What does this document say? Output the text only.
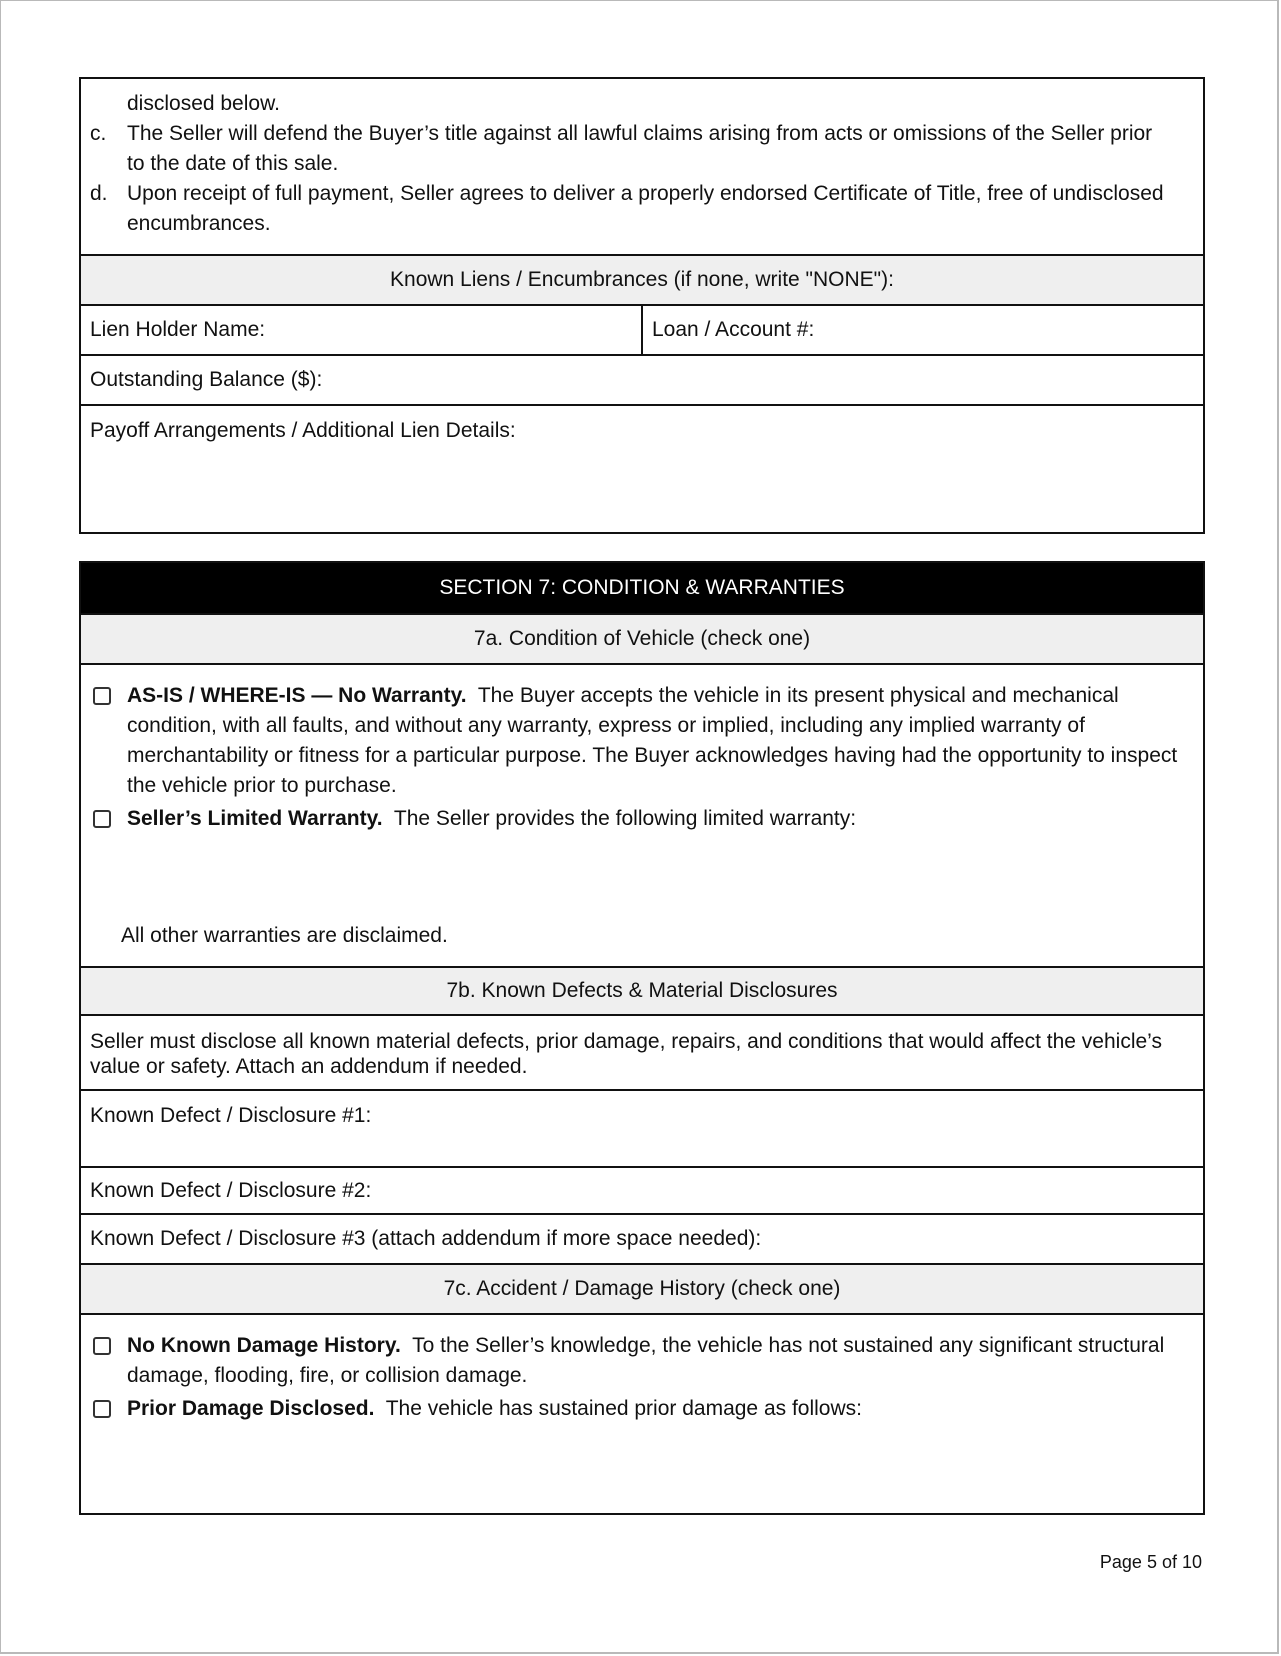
disclosed below.
c. The Seller will defend the Buyer’s title against all lawful claims arising from acts or omissions of the Seller prior to the date of this sale.
d. Upon receipt of full payment, Seller agrees to deliver a properly endorsed Certificate of Title, free of undisclosed encumbrances.
Known Liens / Encumbrances (if none, write "NONE"):
Lien Holder Name:	Loan / Account #:
Outstanding Balance ($):
Payoff Arrangements / Additional Lien Details:
SECTION 7: CONDITION & WARRANTIES
7a. Condition of Vehicle (check one)
AS-IS / WHERE-IS — No Warranty. The Buyer accepts the vehicle in its present physical and mechanical condition, with all faults, and without any warranty, express or implied, including any implied warranty of merchantability or fitness for a particular purpose. The Buyer acknowledges having had the opportunity to inspect the vehicle prior to purchase.
Seller’s Limited Warranty. The Seller provides the following limited warranty:
All other warranties are disclaimed.
7b. Known Defects & Material Disclosures
Seller must disclose all known material defects, prior damage, repairs, and conditions that would affect the vehicle’s value or safety. Attach an addendum if needed.
Known Defect / Disclosure #1:
Known Defect / Disclosure #2:
Known Defect / Disclosure #3 (attach addendum if more space needed):
7c. Accident / Damage History (check one)
No Known Damage History. To the Seller’s knowledge, the vehicle has not sustained any significant structural damage, flooding, fire, or collision damage.
Prior Damage Disclosed. The vehicle has sustained prior damage as follows:
Page 5 of 10
